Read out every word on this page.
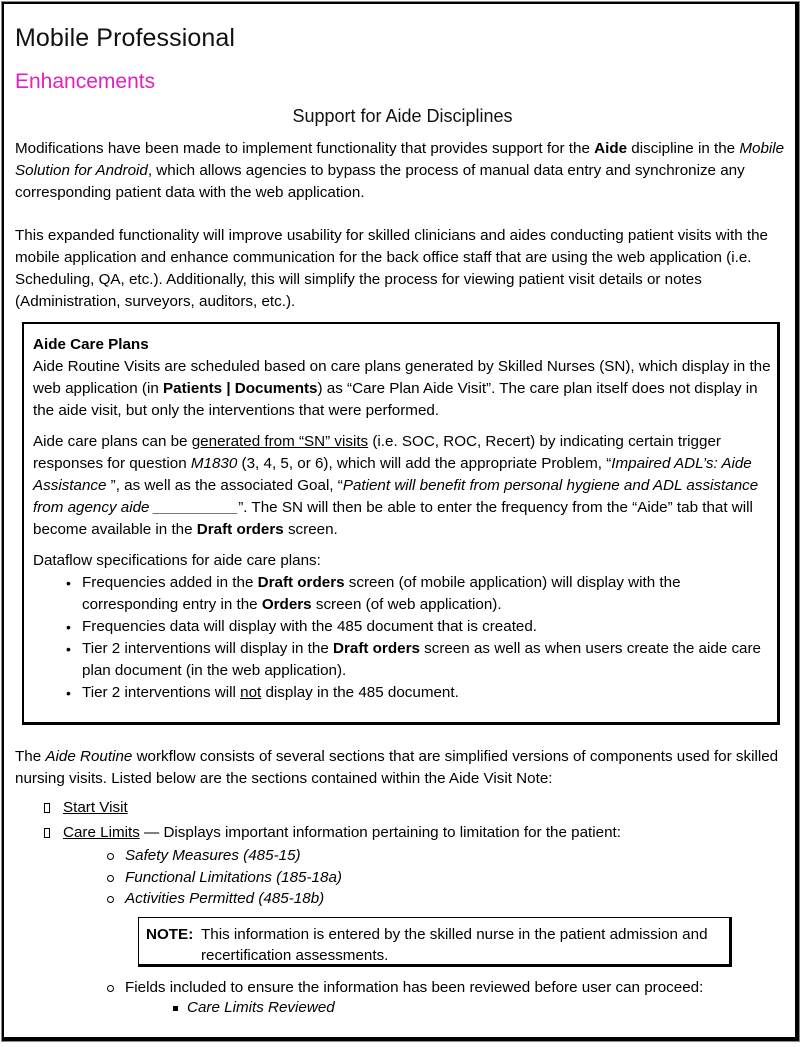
Mobile Professional
Enhancements
Support for Aide Disciplines

Modifications have been made to implement functionality that provides support for the Aide discipline in the Mobile Solution for Android, which allows agencies to bypass the process of manual data entry and synchronize any corresponding patient data with the web application.

This expanded functionality will improve usability for skilled clinicians and aides conducting patient visits with the mobile application and enhance communication for the back office staff that are using the web application (i.e. Scheduling, QA, etc.). Additionally, this will simplify the process for viewing patient visit details or notes (Administration, surveyors, auditors, etc.).

Aide Care Plans

Aide Routine Visits are scheduled based on care plans generated by Skilled Nurses (SN), which display in the web application (in Patients | Documents) as “Care Plan Aide Visit”. The care plan itself does not display in the aide visit, but only the interventions that were performed.

Aide care plans can be generated from “SN” visits (i.e. SOC, ROC, Recert) by indicating certain trigger responses for question M1830 (3, 4, 5, or 6), which will add the appropriate Problem, “Impaired ADL’s: Aide Assistance ”, as well as the associated Goal, “Patient will benefit from personal hygiene and ADL assistance from agency aide __________”. The SN will then be able to enter the frequency from the “Aide” tab that will become available in the Draft orders screen.

Dataflow specifications for aide care plans:

• Frequencies added in the Draft orders screen (of mobile application) will display with the corresponding entry in the Orders screen (of web application).
• Frequencies data will display with the 485 document that is created.
• Tier 2 interventions will display in the Draft orders screen as well as when users create the aide care plan document (in the web application).
• Tier 2 interventions will not display in the 485 document.

The Aide Routine workflow consists of several sections that are simplified versions of components used for skilled nursing visits. Listed below are the sections contained within the Aide Visit Note:

Start Visit
Care Limits — Displays important information pertaining to limitation for the patient:
Safety Measures (485-15)
Functional Limitations (185-18a)
Activities Permitted (485-18b)
NOTE: This information is entered by the skilled nurse in the patient admission and recertification assessments.
Fields included to ensure the information has been reviewed before user can proceed:
Care Limits Reviewed
